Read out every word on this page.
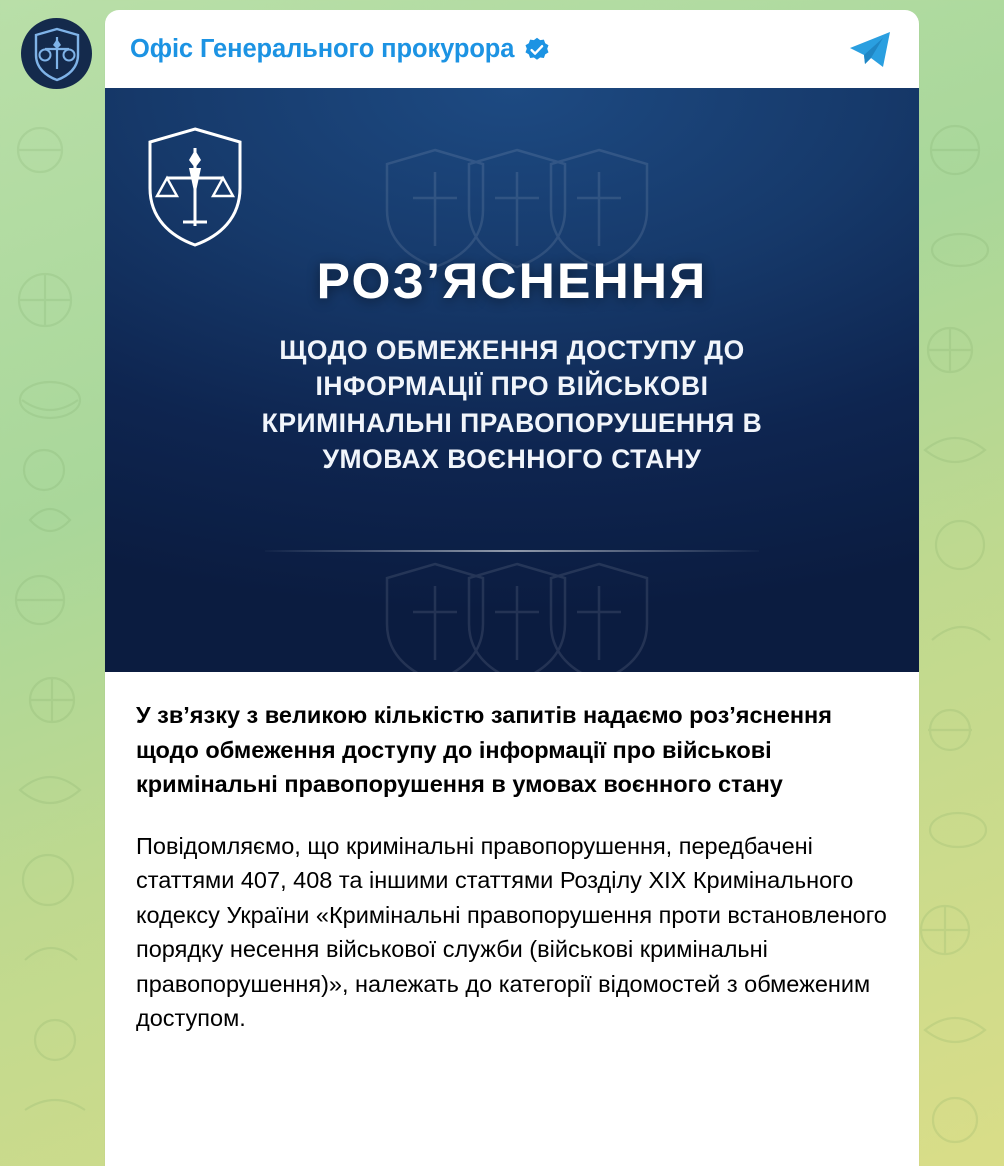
Офіс Генерального прокурора
РОЗ’ЯСНЕННЯ
ЩОДО ОБМЕЖЕННЯ ДОСТУПУ ДО
ІНФОРМАЦІЇ ПРО ВІЙСЬКОВІ
КРИМІНАЛЬНІ ПРАВОПОРУШЕННЯ В
УМОВАХ ВОЄННОГО СТАНУ

У зв’язку з великою кількістю запитів надаємо роз’яснення щодо обмеження доступу до інформації про військові кримінальні правопорушення в умовах воєнного стану

Повідомляємо, що кримінальні правопорушення, передбачені статтями 407, 408 та іншими статтями Розділу XIX Кримінального кодексу України «Кримінальні правопорушення проти встановленого порядку несення військової служби (військові кримінальні правопорушення)», належать до категорії відомостей з обмеженим доступом.
